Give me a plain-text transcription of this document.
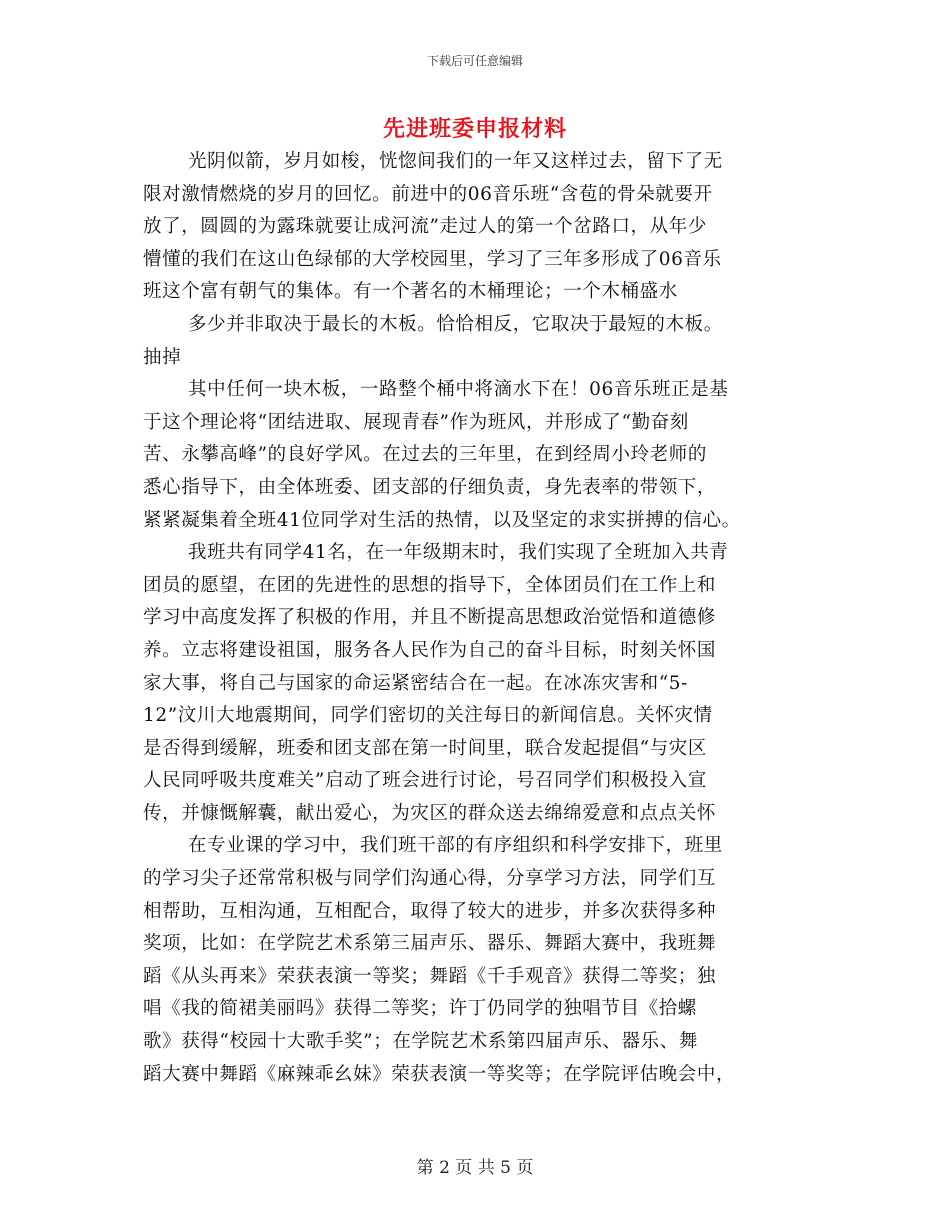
下载后可任意编辑
先进班委申报材料
光阴似箭，岁月如梭，恍惚间我们的一年又这样过去，留下了无
限对激情燃烧的岁月的回忆。前进中的06音乐班“含苞的骨朵就要开
放了，圆圆的为露珠就要让成河流”走过人的第一个岔路口，从年少
懵懂的我们在这山色绿郁的大学校园里，学习了三年多形成了06音乐
班这个富有朝气的集体。有一个著名的木桶理论；一个木桶盛水
多少并非取决于最长的木板。恰恰相反，它取决于最短的木板。
抽掉
其中任何一块木板，一路整个桶中将滴水下在！06音乐班正是基
于这个理论将“团结进取、展现青春”作为班风，并形成了“勤奋刻
苦、永攀高峰”的良好学风。在过去的三年里，在到经周小玲老师的
悉心指导下，由全体班委、团支部的仔细负责，身先表率的带领下，
紧紧凝集着全班41位同学对生活的热情，以及坚定的求实拼搏的信心。
我班共有同学41名，在一年级期末时，我们实现了全班加入共青
团员的愿望，在团的先进性的思想的指导下，全体团员们在工作上和
学习中高度发挥了积极的作用，并且不断提高思想政治觉悟和道德修
养。立志将建设祖国，服务各人民作为自己的奋斗目标，时刻关怀国
家大事，将自己与国家的命运紧密结合在一起。在冰冻灾害和“5-
12”汶川大地震期间，同学们密切的关注每日的新闻信息。关怀灾情
是否得到缓解，班委和团支部在第一时间里，联合发起提倡“与灾区
人民同呼吸共度难关”启动了班会进行讨论，号召同学们积极投入宣
传，并慷慨解囊，献出爱心，为灾区的群众送去绵绵爱意和点点关怀
在专业课的学习中，我们班干部的有序组织和科学安排下，班里
的学习尖子还常常积极与同学们沟通心得，分享学习方法，同学们互
相帮助，互相沟通，互相配合，取得了较大的进步，并多次获得多种
奖项，比如：在学院艺术系第三届声乐、器乐、舞蹈大赛中，我班舞
蹈《从头再来》荣获表演一等奖；舞蹈《千手观音》获得二等奖；独
唱《我的简裙美丽吗》获得二等奖；许丁仍同学的独唱节目《拾螺
歌》获得“校园十大歌手奖”；在学院艺术系第四届声乐、器乐、舞
蹈大赛中舞蹈《麻辣乖幺妹》荣获表演一等奖等；在学院评估晚会中，
第 2 页 共 5 页
